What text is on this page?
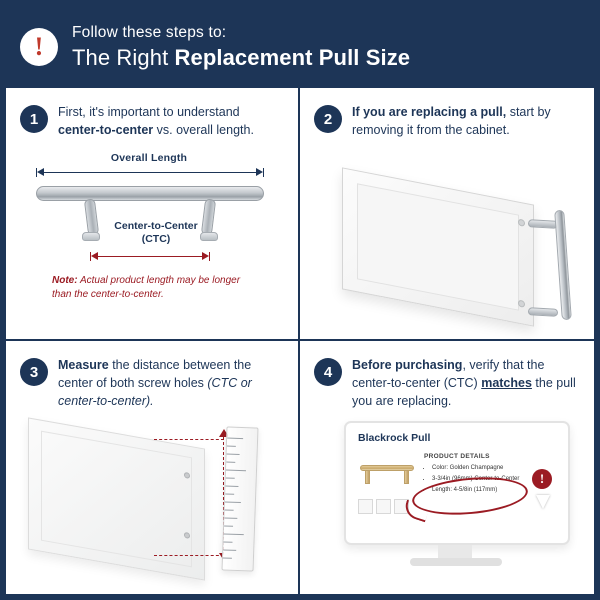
!	Follow these steps to:
The Right Replacement Pull Size
1	First, it's important to understand center-to-center vs. overall length.
Overall Length
Center-to-Center
(CTC)
Note: Actual product length may be longer than the center-to-center.
2	If you are replacing a pull, start by removing it from the cabinet.
3	Measure the distance between the center of both screw holes (CTC or center-to-center).
4	Before purchasing, verify that the center-to-center (CTC) matches the pull you are replacing.
Blackrock Pull
PRODUCT DETAILS
• Color: Golden Champagne
• 3-3/4in (96mm) Center-to-Center
• Length: 4-5/8in (117mm)
!
